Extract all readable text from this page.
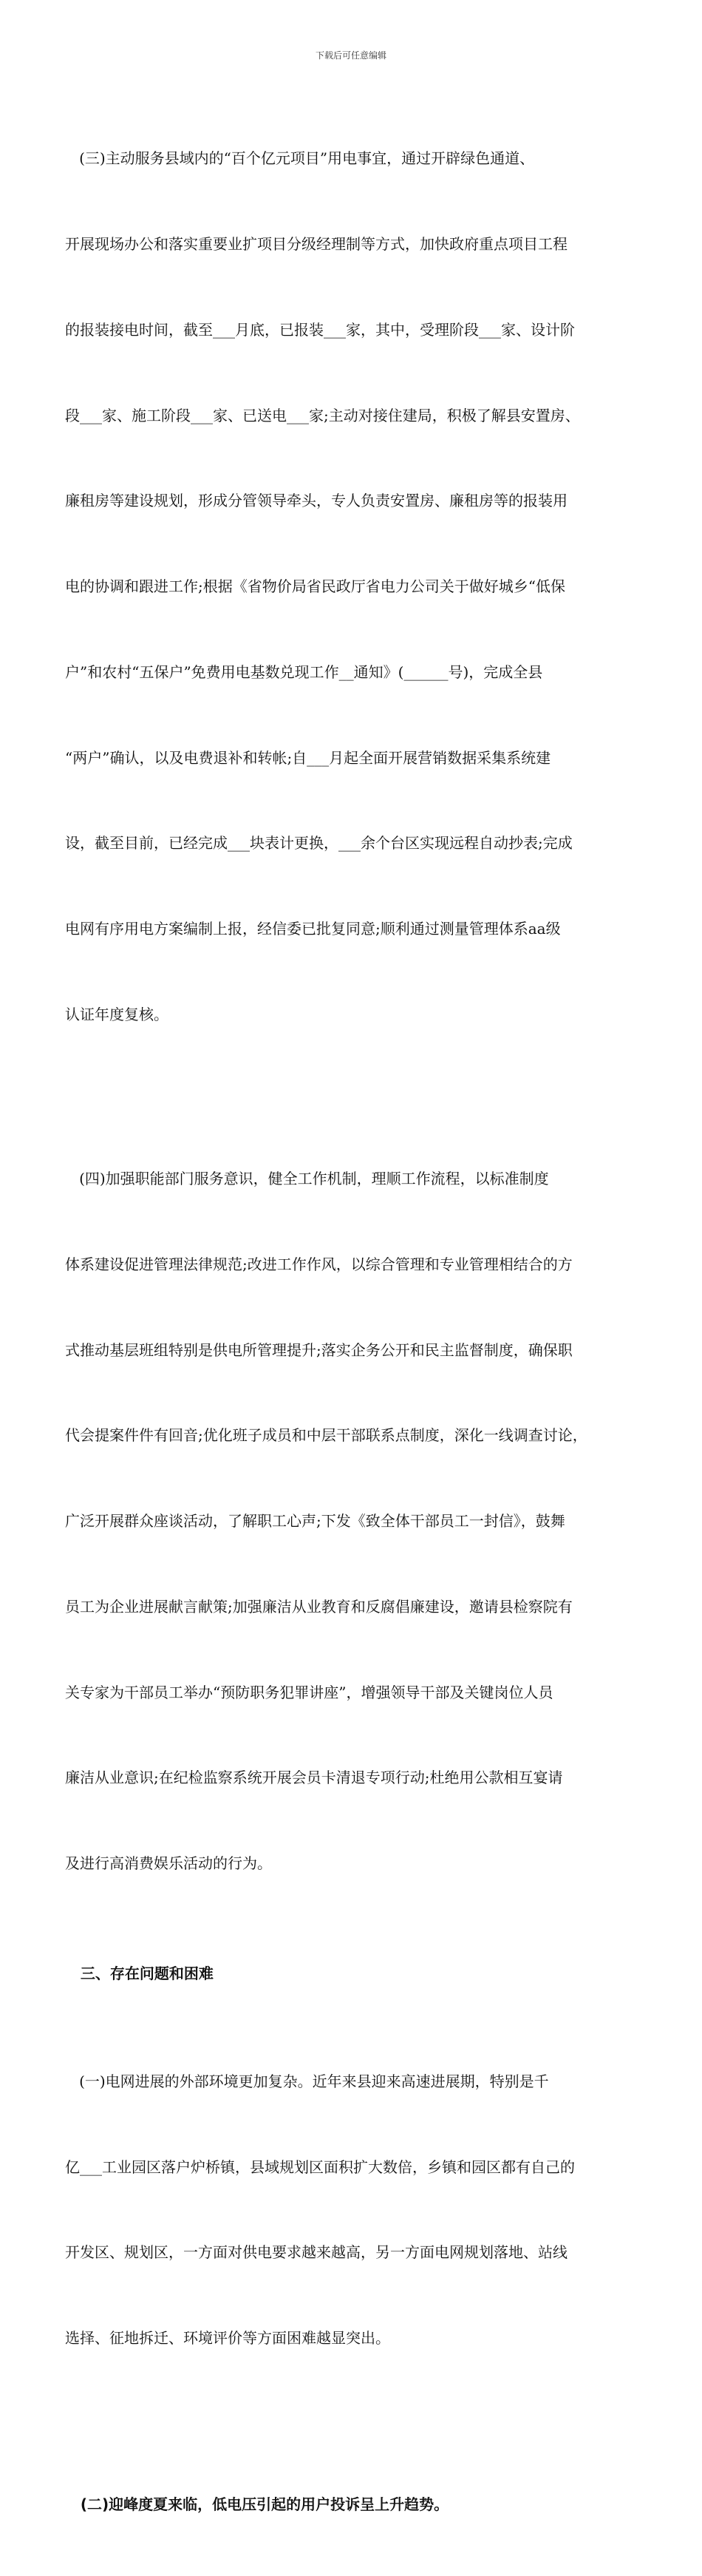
下载后可任意编辑

(三)主动服务县域内的“百个亿元项目”用电事宜，通过开辟绿色通道、

开展现场办公和落实重要业扩项目分级经理制等方式，加快政府重点项目工程

的报装接电时间，截至___月底，已报装___家，其中，受理阶段___家、设计阶

段___家、施工阶段___家、已送电___家;主动对接住建局，积极了解县安置房、

廉租房等建设规划，形成分管领导牵头，专人负责安置房、廉租房等的报装用

电的协调和跟进工作;根据《省物价局省民政厅省电力公司关于做好城乡“低保

户”和农村“五保户”免费用电基数兑现工作__通知》(______号)，完成全县

“两户”确认，以及电费退补和转帐;自___月起全面开展营销数据采集系统建

设，截至目前，已经完成___块表计更换，___余个台区实现远程自动抄表;完成

电网有序用电方案编制上报，经信委已批复同意;顺利通过测量管理体系aa级

认证年度复核。

(四)加强职能部门服务意识，健全工作机制，理顺工作流程，以标准制度

体系建设促进管理法律规范;改进工作作风，以综合管理和专业管理相结合的方

式推动基层班组特别是供电所管理提升;落实企务公开和民主监督制度，确保职

代会提案件件有回音;优化班子成员和中层干部联系点制度，深化一线调查讨论，

广泛开展群众座谈活动，了解职工心声;下发《致全体干部员工一封信》，鼓舞

员工为企业进展献言献策;加强廉洁从业教育和反腐倡廉建设，邀请县检察院有

关专家为干部员工举办“预防职务犯罪讲座”，增强领导干部及关键岗位人员

廉洁从业意识;在纪检监察系统开展会员卡清退专项行动;杜绝用公款相互宴请

及进行高消费娱乐活动的行为。

三、存在问题和困难

(一)电网进展的外部环境更加复杂。近年来县迎来高速进展期，特别是千

亿___工业园区落户炉桥镇，县域规划区面积扩大数倍，乡镇和园区都有自己的

开发区、规划区，一方面对供电要求越来越高，另一方面电网规划落地、站线

选择、征地拆迁、环境评价等方面困难越显突出。

(二)迎峰度夏来临，低电压引起的用户投诉呈上升趋势。
